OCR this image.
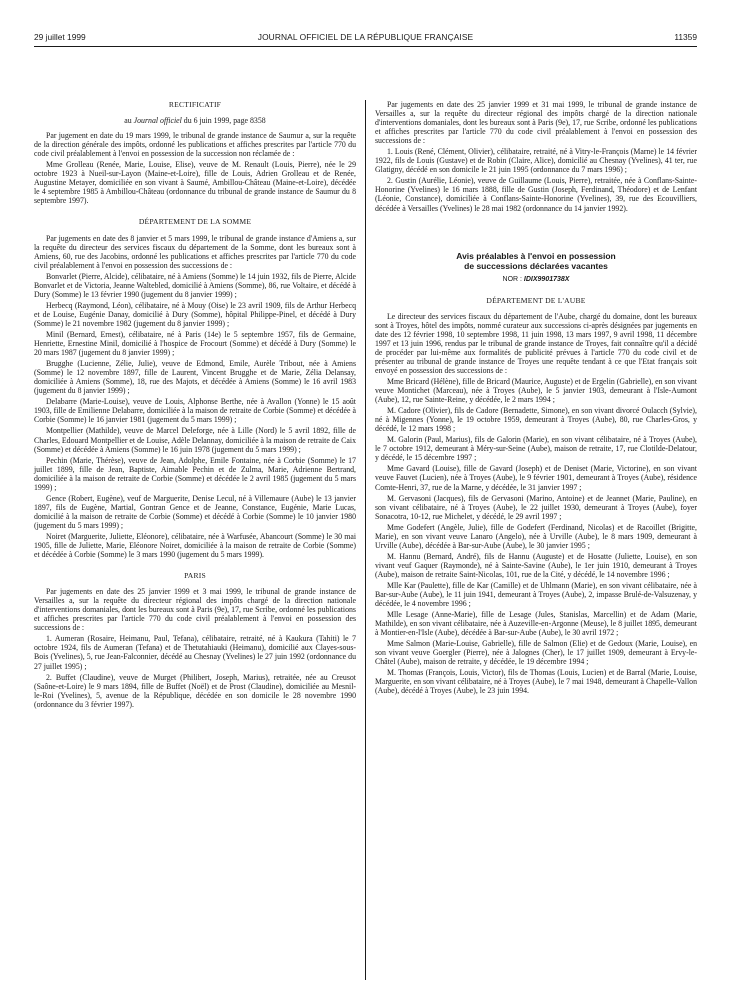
29 juillet 1999	JOURNAL OFFICIEL DE LA RÉPUBLIQUE FRANÇAISE	11359
RECTIFICATIF
au Journal officiel du 6 juin 1999, page 8358

Par jugement en date du 19 mars 1999, le tribunal de grande instance de Saumur a, sur la requête de la direction générale des impôts, ordonné les publications et affiches prescrites par l'article 770 du code civil préalablement à l'envoi en possession de la succession non réclamée de :

Mme Grolleau (Renée, Marie, Louise, Elise), veuve de M. Renault (Louis, Pierre), née le 29 octobre 1923 à Nueil-sur-Layon (Maine-et-Loire), fille de Louis, Adrien Grolleau et de Renée, Augustine Metayer, domiciliée en son vivant à Saumé, Ambillou-Château (Maine-et-Loire), décédée le 4 septembre 1985 à Ambillou-Château (ordonnance du tribunal de grande instance de Saumur du 8 septembre 1997).

DÉPARTEMENT DE LA SOMME

Par jugements en date des 8 janvier et 5 mars 1999, le tribunal de grande instance d'Amiens a, sur la requête du directeur des services fiscaux du département de la Somme, dont les bureaux sont à Amiens, 60, rue des Jacobins, ordonné les publications et affiches prescrites par l'article 770 du code civil préalablement à l'envoi en possession des successions de :

Bonvarlet (Pierre, Alcide), célibataire, né à Amiens (Somme) le 14 juin 1932, fils de Pierre, Alcide Bonvarlet et de Victoria, Jeanne Waltebled, domicilié à Amiens (Somme), 86, rue Voltaire, et décédé à Dury (Somme) le 13 février 1990 (jugement du 8 janvier 1999) ;

Herbecq (Raymond, Léon), célibataire, né à Mouy (Oise) le 23 avril 1909, fils de Arthur Herbecq et de Louise, Eugénie Danay, domicilié à Dury (Somme), hôpital Philippe-Pinel, et décédé à Dury (Somme) le 21 novembre 1982 (jugement du 8 janvier 1999) ;

Minil (Bernard, Ernest), célibataire, né à Paris (14e) le 5 septembre 1957, fils de Germaine, Henriette, Ernestine Minil, domicilié à l'hospice de Frocourt (Somme) et décédé à Dury (Somme) le 20 mars 1987 (jugement du 8 janvier 1999) ;

Brugghe (Lucienne, Zélie, Julie), veuve de Edmond, Emile, Aurèle Tribout, née à Amiens (Somme) le 12 novembre 1897, fille de Laurent, Vincent Brugghe et de Marie, Zélia Delansay, domiciliée à Amiens (Somme), 18, rue des Majots, et décédée à Amiens (Somme) le 16 avril 1983 (jugement du 8 janvier 1999) ;

Delabarre (Marie-Louise), veuve de Louis, Alphonse Berthe, née à Avallon (Yonne) le 15 août 1903, fille de Emilienne Delabarre, domiciliée à la maison de retraite de Corbie (Somme) et décédée à Corbie (Somme) le 16 janvier 1981 (jugement du 5 mars 1999) ;

Montpellier (Mathilde), veuve de Marcel Deleforge, née à Lille (Nord) le 5 avril 1892, fille de Charles, Edouard Montpellier et de Louise, Adèle Delannay, domiciliée à la maison de retraite de Caix (Somme) et décédée à Amiens (Somme) le 16 juin 1978 (jugement du 5 mars 1999) ;

Pechin (Marie, Thérèse), veuve de Jean, Adolphe, Emile Fontaine, née à Corbie (Somme) le 17 juillet 1899, fille de Jean, Baptiste, Aimable Pechin et de Zulma, Marie, Adrienne Bertrand, domiciliée à la maison de retraite de Corbie (Somme) et décédée le 2 avril 1985 (jugement du 5 mars 1999) ;

Gence (Robert, Eugène), veuf de Marguerite, Denise Lecul, né à Villemaure (Aube) le 13 janvier 1897, fils de Eugène, Martial, Gontran Gence et de Jeanne, Constance, Eugénie, Marie Lucas, domicilié à la maison de retraite de Corbie (Somme) et décédé à Corbie (Somme) le 10 janvier 1980 (jugement du 5 mars 1999) ;

Noiret (Marguerite, Juliette, Eléonore), célibataire, née à Warfusée, Abancourt (Somme) le 30 mai 1905, fille de Juliette, Marie, Eléonore Noiret, domiciliée à la maison de retraite de Corbie (Somme) et décédée à Corbie (Somme) le 3 mars 1990 (jugement du 5 mars 1999).

PARIS

Par jugements en date des 25 janvier 1999 et 3 mai 1999, le tribunal de grande instance de Versailles a, sur la requête du directeur régional des impôts chargé de la direction nationale d'interventions domaniales, dont les bureaux sont à Paris (9e), 17, rue Scribe, ordonné les publications et affiches prescrites par l'article 770 du code civil préalablement à l'envoi en possession des successions de :

1. Aumeran (Rosaire, Heimanu, Paul, Tefana), célibataire, retraité, né à Kaukura (Tahiti) le 7 octobre 1924, fils de Aumeran (Tefana) et de Thetutahiauki (Heimanu), domicilié aux Clayes-sous-Bois (Yvelines), 5, rue Jean-Falconnier, décédé au Chesnay (Yvelines) le 27 juin 1992 (ordonnance du 27 juillet 1995) ;

2. Buffet (Claudine), veuve de Murget (Philibert, Joseph, Marius), retraitée, née au Creusot (Saône-et-Loire) le 9 mars 1894, fille de Buffet (Noël) et de Prost (Claudine), domiciliée au Mesnil-le-Roi (Yvelines), 5, avenue de la République, décédée en son domicile le 28 novembre 1990 (ordonnance du 3 février 1997).

Par jugements en date des 25 janvier 1999 et 31 mai 1999, le tribunal de grande instance de Versailles a, sur la requête du directeur régional des impôts chargé de la direction nationale d'interventions domaniales, dont les bureaux sont à Paris (9e), 17, rue Scribe, ordonné les publications et affiches prescrites par l'article 770 du code civil préalablement à l'envoi en possession des successions de :

1. Louis (René, Clément, Olivier), célibataire, retraité, né à Vitry-le-François (Marne) le 14 février 1922, fils de Louis (Gustave) et de Robin (Claire, Alice), domicilié au Chesnay (Yvelines), 41 ter, rue Glatigny, décédé en son domicile le 21 juin 1995 (ordonnance du 7 mars 1996) ;

2. Gustin (Aurélie, Léonie), veuve de Guillaume (Louis, Pierre), retraitée, née à Conflans-Sainte-Honorine (Yvelines) le 16 mars 1888, fille de Gustin (Joseph, Ferdinand, Théodore) et de Lenfant (Léonie, Constance), domiciliée à Conflans-Sainte-Honorine (Yvelines), 39, rue des Ecouvilliers, décédée à Versailles (Yvelines) le 28 mai 1982 (ordonnance du 14 janvier 1992).

Avis préalables à l'envoi en possession
de successions déclarées vacantes
NOR : IDIX9901738X
DÉPARTEMENT DE L'AUBE

Le directeur des services fiscaux du département de l'Aube, chargé du domaine, dont les bureaux sont à Troyes, hôtel des impôts, nommé curateur aux successions ci-après désignées par jugements en date des 12 février 1998, 10 septembre 1998, 11 juin 1998, 13 mars 1997, 9 avril 1998, 11 décembre 1997 et 13 juin 1996, rendus par le tribunal de grande instance de Troyes, fait connaître qu'il a décidé de procéder par lui-même aux formalités de publicité prévues à l'article 770 du code civil et de présenter au tribunal de grande instance de Troyes une requête tendant à ce que l'Etat français soit envoyé en possession des successions de :

Mme Bricard (Hélène), fille de Bricard (Maurice, Auguste) et de Ergelin (Gabrielle), en son vivant veuve Montichet (Marceau), née à Troyes (Aube), le 5 janvier 1903, demeurant à l'Isle-Aumont (Aube), 12, rue Sainte-Reine, y décédée, le 2 mars 1994 ;

M. Cadore (Olivier), fils de Cadore (Bernadette, Simone), en son vivant divorcé Oulacch (Sylvie), né à Migennes (Yonne), le 19 octobre 1959, demeurant à Troyes (Aube), 80, rue Charles-Gros, y décédé, le 12 mars 1998 ;

M. Galorin (Paul, Marius), fils de Galorin (Marie), en son vivant célibataire, né à Troyes (Aube), le 7 octobre 1912, demeurant à Méry-sur-Seine (Aube), maison de retraite, 17, rue Clotilde-Delatour, y décédé, le 15 décembre 1997 ;

Mme Gavard (Louise), fille de Gavard (Joseph) et de Deniset (Marie, Victorine), en son vivant veuve Fauvet (Lucien), née à Troyes (Aube), le 9 février 1901, demeurant à Troyes (Aube), résidence Comte-Henri, 37, rue de la Marne, y décédée, le 31 janvier 1997 ;

M. Gervasoni (Jacques), fils de Gervasoni (Marino, Antoine) et de Jeannet (Marie, Pauline), en son vivant célibataire, né à Troyes (Aube), le 22 juillet 1930, demeurant à Troyes (Aube), foyer Sonacotra, 10-12, rue Michelet, y décédé, le 29 avril 1997 ;

Mme Godefert (Angèle, Julie), fille de Godefert (Ferdinand, Nicolas) et de Racoillet (Brigitte, Marie), en son vivant veuve Lanaro (Angelo), née à Urville (Aube), le 8 mars 1909, demeurant à Urville (Aube), décédée à Bar-sur-Aube (Aube), le 30 janvier 1995 ;

M. Hannu (Bernard, André), fils de Hannu (Auguste) et de Hosatte (Juliette, Louise), en son vivant veuf Gaquer (Raymonde), né à Sainte-Savine (Aube), le 1er juin 1910, demeurant à Troyes (Aube), maison de retraite Saint-Nicolas, 101, rue de la Cité, y décédé, le 14 novembre 1996 ;

Mlle Kar (Paulette), fille de Kar (Camille) et de Uhlmann (Marie), en son vivant célibataire, née à Bar-sur-Aube (Aube), le 11 juin 1941, demeurant à Troyes (Aube), 2, impasse Brulé-de-Valsuzenay, y décédée, le 4 novembre 1996 ;

Mlle Lesage (Anne-Marie), fille de Lesage (Jules, Stanislas, Marcellin) et de Adam (Marie, Mathilde), en son vivant célibataire, née à Auzeville-en-Argonne (Meuse), le 8 juillet 1895, demeurant à Montier-en-l'Isle (Aube), décédée à Bar-sur-Aube (Aube), le 30 avril 1972 ;

Mme Salmon (Marie-Louise, Gabrielle), fille de Salmon (Elie) et de Gedoux (Marie, Louise), en son vivant veuve Goergler (Pierre), née à Jalognes (Cher), le 17 juillet 1909, demeurant à Ervy-le-Châtel (Aube), maison de retraite, y décédée, le 19 décembre 1994 ;

M. Thomas (François, Louis, Victor), fils de Thomas (Louis, Lucien) et de Barral (Marie, Louise, Marguerite, en son vivant célibataire, né à Troyes (Aube), le 7 mai 1948, demeurant à Chapelle-Vallon (Aube), décédé à Troyes (Aube), le 23 juin 1994.
